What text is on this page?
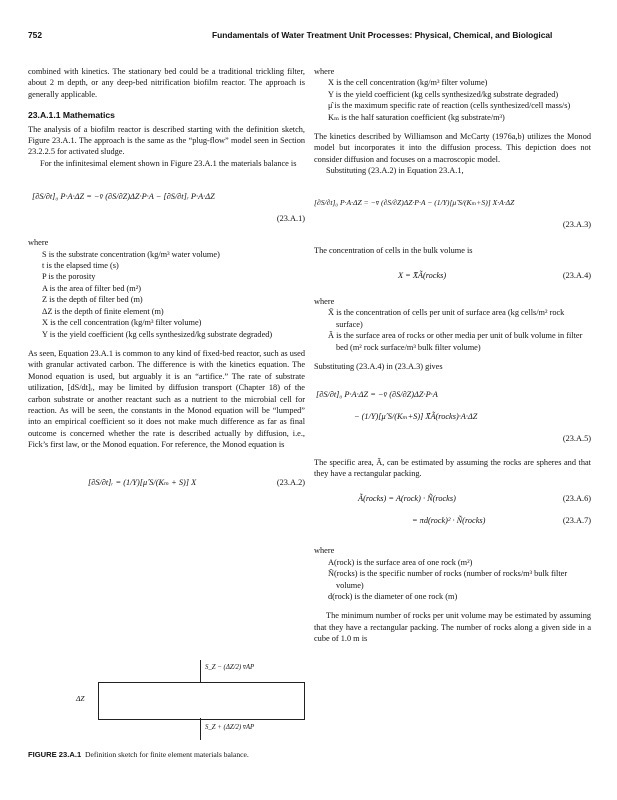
752	Fundamentals of Water Treatment Unit Processes: Physical, Chemical, and Biological

combined with kinetics. The stationary bed could be a traditional trickling filter, about 2 m depth, or any deep-bed nitrification biofilm reactor. The approach is generally applicable.

23.A.1.1 Mathematics

The analysis of a biofilm reactor is described starting with the definition sketch, Figure 23.A.1. The approach is the same as the “plug-flow” model seen in Section 23.2.2.5 for activated sludge.

For the infinitesimal element shown in Figure 23.A.1 the materials balance is

[∂S/∂t]₀ P·A·ΔZ = −v̄ (∂S/∂Z)ΔZ·P·A − [∂S/∂t]ᵣ P·A·ΔZ
(23.A.1)

where

S is the substrate concentration (kg/m³ water volume)
t is the elapsed time (s)
P is the porosity
A is the area of filter bed (m²)
Z is the depth of filter bed (m)
ΔZ is the depth of finite element (m)
X is the cell concentration (kg/m³ filter volume)
Y is the yield coefficient (kg cells synthesized/kg substrate degraded)

As seen, Equation 23.A.1 is common to any kind of fixed-bed reactor, such as used with granular activated carbon. The difference is with the kinetics equation. The Monod equation is used, but arguably it is an “artifice.” The rate of substrate utilization, [dS/dt]ᵣ, may be limited by diffusion transport (Chapter 18) of the carbon substrate or another reactant such as a nutrient to the microbial cell for reaction. As will be seen, the constants in the Monod equation will be “lumped” into an empirical coefficient so it does not make much difference as far as final outcome is concerned whether the rate is described actually by diffusion, i.e., Fick’s first law, or the Monod equation. For reference, the Monod equation is

[∂S/∂t]ᵣ = (1/Y)[μ̂ S/(Kₘ + S)] X	(23.A.2)
S_Z − (ΔZ/2) v̄AP
ΔZ
S_Z + (ΔZ/2) v̄AP
FIGURE 23.A.1 Definition sketch for finite element materials balance.

where

X is the cell concentration (kg/m³ filter volume)
Y is the yield coefficient (kg cells synthesized/kg substrate degraded)
μ̂ is the maximum specific rate of reaction (cells synthesized/cell mass/s)
Kₘ is the half saturation coefficient (kg substrate/m³)

The kinetics described by Williamson and McCarty (1976a,b) utilizes the Monod model but incorporates it into the diffusion process. This depiction does not consider diffusion and focuses on a macroscopic model.

Substituting (23.A.2) in Equation 23.A.1,

[∂S/∂t]₀ P·A·ΔZ = −v̄ (∂S/∂Z)ΔZ·P·A − (1/Y)[μ̂ S/(Kₘ+S)] X·A·ΔZ
(23.A.3)

The concentration of cells in the bulk volume is

X = X̄Ã(rocks)	(23.A.4)

where

X̄ is the concentration of cells per unit of surface area (kg cells/m² rock surface)
Ã is the surface area of rocks or other media per unit of bulk volume in filter bed (m² rock surface/m³ bulk filter volume)

Substituting (23.A.4) in (23.A.3) gives

[∂S/∂t]₀ P·A·ΔZ = −v̄ (∂S/∂Z)ΔZ·P·A
− (1/Y)[μ̂ S/(Kₘ+S)] X̄Ã(rocks)·A·ΔZ
(23.A.5)

The specific area, Ã, can be estimated by assuming the rocks are spheres and that they have a rectangular packing.

Ã(rocks) = A(rock) · Ñ(rocks)	(23.A.6)
= πd(rock)² · Ñ(rocks)	(23.A.7)

where

A(rock) is the surface area of one rock (m²)
Ñ(rocks) is the specific number of rocks (number of rocks/m³ bulk filter volume)
d(rock) is the diameter of one rock (m)

The minimum number of rocks per unit volume may be estimated by assuming that they have a rectangular packing. The number of rocks along a given side in a cube of 1.0 m is
